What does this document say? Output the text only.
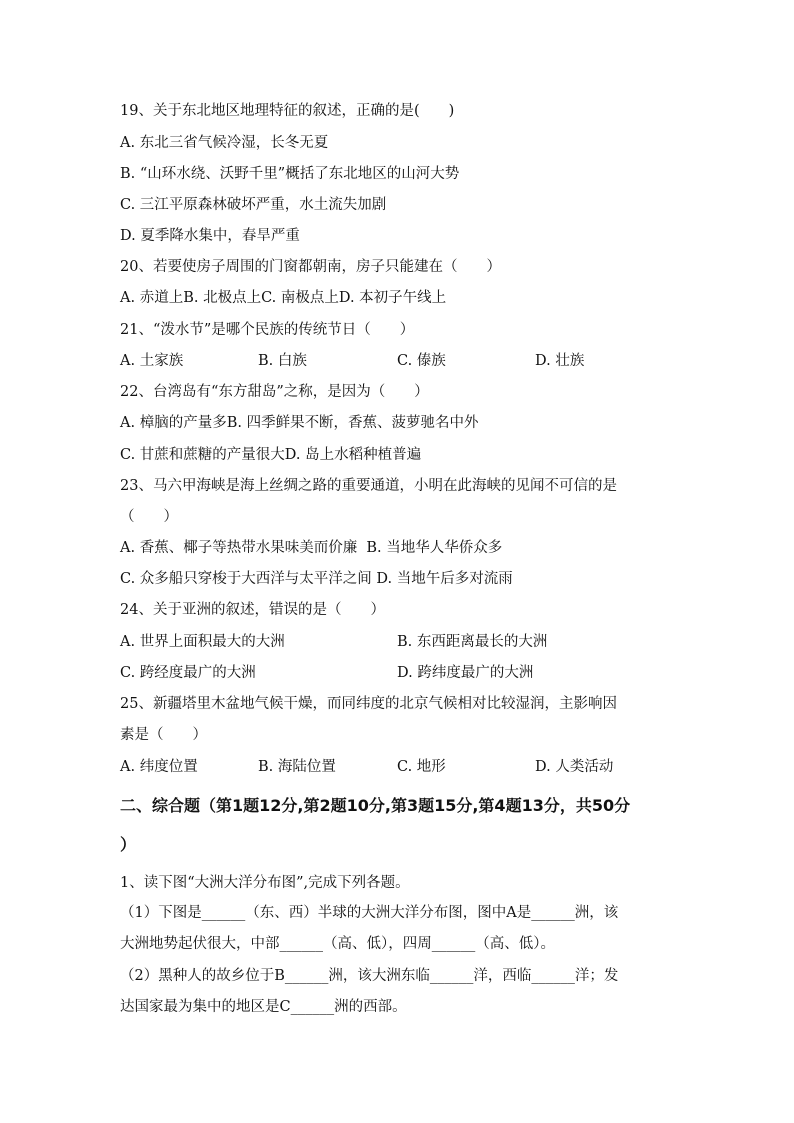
19、关于东北地区地理特征的叙述，正确的是(　　)
A. 东北三省气候冷湿，长冬无夏
B. “山环水绕、沃野千里”概括了东北地区的山河大势
C. 三江平原森林破坏严重，水土流失加剧
D. 夏季降水集中，春旱严重
20、若要使房子周围的门窗都朝南，房子只能建在（　　）
A. 赤道上B. 北极点上C. 南极点上D. 本初子午线上
21、“泼水节”是哪个民族的传统节日（　　）
A. 土家族	B. 白族	C. 傣族	D. 壮族
22、台湾岛有“东方甜岛”之称，是因为（　　）
A. 樟脑的产量多B. 四季鲜果不断，香蕉、菠萝驰名中外
C. 甘蔗和蔗糖的产量很大D. 岛上水稻种植普遍
23、马六甲海峡是海上丝绸之路的重要通道，小明在此海峡的见闻不可信的是
（　　）
A. 香蕉、椰子等热带水果味美而价廉  B. 当地华人华侨众多
C. 众多船只穿梭于大西洋与太平洋之间 D. 当地午后多对流雨
24、关于亚洲的叙述，错误的是（　　）
A. 世界上面积最大的大洲	B. 东西距离最长的大洲
C. 跨经度最广的大洲	D. 跨纬度最广的大洲
25、新疆塔里木盆地气候干燥，而同纬度的北京气候相对比较湿润，主影响因
素是（　　）
A. 纬度位置	B. 海陆位置	C. 地形	D. 人类活动
二、综合题（第1题12分,第2题10分,第3题15分,第4题13分，共50分
）
1、读下图“大洲大洋分布图”,完成下列各题。
（1）下图是______（东、西）半球的大洲大洋分布图，图中A是______洲，该
大洲地势起伏很大，中部______（高、低），四周______（高、低）。
（2）黑种人的故乡位于B______洲，该大洲东临______洋，西临______洋；发
达国家最为集中的地区是C______洲的西部。
